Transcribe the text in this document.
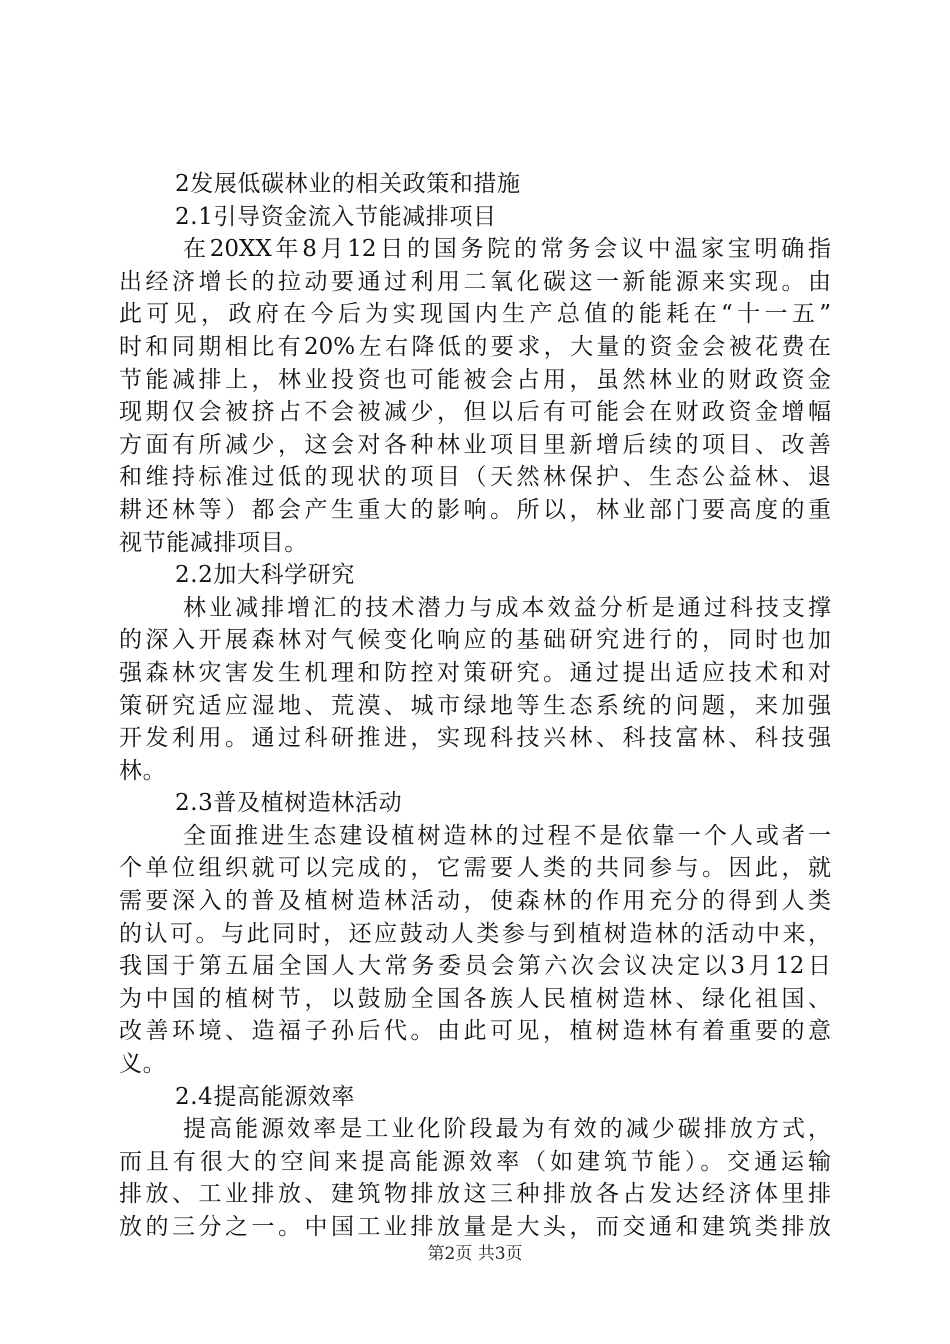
2发展低碳林业的相关政策和措施
2.1引导资金流入节能减排项目
在20XX年8月12日的国务院的常务会议中温家宝明确指
出经济增长的拉动要通过利用二氧化碳这一新能源来实现。由
此可见，政府在今后为实现国内生产总值的能耗在“十一五”
时和同期相比有20%左右降低的要求，大量的资金会被花费在
节能减排上，林业投资也可能被会占用，虽然林业的财政资金
现期仅会被挤占不会被减少，但以后有可能会在财政资金增幅
方面有所减少，这会对各种林业项目里新增后续的项目、改善
和维持标准过低的现状的项目（天然林保护、生态公益林、退
耕还林等）都会产生重大的影响。所以，林业部门要高度的重
视节能减排项目。
2.2加大科学研究
林业减排增汇的技术潜力与成本效益分析是通过科技支撑
的深入开展森林对气候变化响应的基础研究进行的，同时也加
强森林灾害发生机理和防控对策研究。通过提出适应技术和对
策研究适应湿地、荒漠、城市绿地等生态系统的问题，来加强
开发利用。通过科研推进，实现科技兴林、科技富林、科技强
林。
2.3普及植树造林活动
全面推进生态建设植树造林的过程不是依靠一个人或者一
个单位组织就可以完成的，它需要人类的共同参与。因此，就
需要深入的普及植树造林活动，使森林的作用充分的得到人类
的认可。与此同时，还应鼓动人类参与到植树造林的活动中来，
我国于第五届全国人大常务委员会第六次会议决定以3月12日
为中国的植树节，以鼓励全国各族人民植树造林、绿化祖国、
改善环境、造福子孙后代。由此可见，植树造林有着重要的意
义。
2.4提高能源效率
提高能源效率是工业化阶段最为有效的减少碳排放方式，
而且有很大的空间来提高能源效率（如建筑节能）。交通运输
排放、工业排放、建筑物排放这三种排放各占发达经济体里排
放的三分之一。中国工业排放量是大头，而交通和建筑类排放
第2页 共3页
